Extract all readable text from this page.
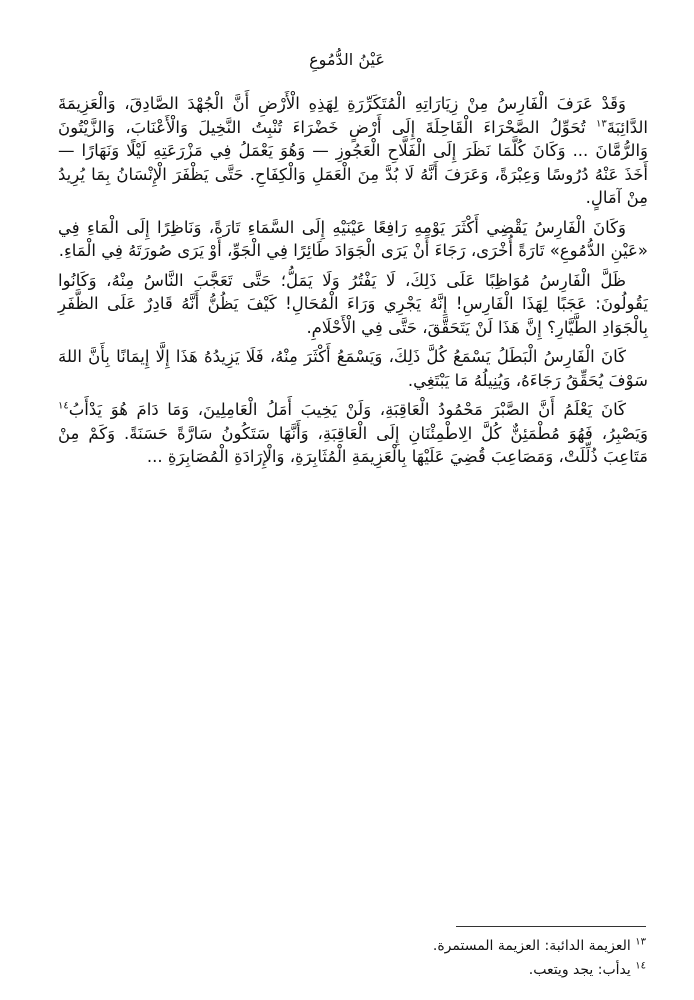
عَيْنُ الدُّمُوعِ

وَقَدْ عَرَفَ الْفَارِسُ مِنْ زِيَارَاتِهِ الْمُتَكَرِّرَةِ لِهَذِهِ الْأَرْضِ أَنَّ الْجُهْدَ الصَّادِقَ، وَالْعَزِيمَةَ الدَّائِبَةَ$^{١٣}$ تُحَوِّلُ الصَّحْرَاءَ الْقَاحِلَةَ إِلَى أَرْضٍ خَضْرَاءَ تُنْبِتُ النَّخِيلَ وَالْأَعْنَابَ، وَالزَّيْتُونَ وَالرُّمَّانَ ... وَكَانَ كُلَّمَا نَظَرَ إِلَى الْفَلَّاحِ الْعَجُوزِ — وَهُوَ يَعْمَلُ فِي مَزْرَعَتِهِ لَيْلًا وَنَهَارًا — أَخَذَ عَنْهُ دُرُوسًا وَعِبْرَةً، وَعَرَفَ أَنَّهُ لَا بُدَّ مِنَ الْعَمَلِ وَالْكِفَاحِ. حَتَّى يَظْفَرَ الْإِنْسَانُ بِمَا يُرِيدُ مِنْ آمَالٍ.

وَكَانَ الْفَارِسُ يَقْضِي أَكْثَرَ يَوْمِهِ رَافِعًا عَيْنَيْهِ إِلَى السَّمَاءِ تَارَةً، وَنَاظِرًا إِلَى الْمَاءِ فِي «عَيْنِ الدُّمُوعِ» تَارَةً أُخْرَى، رَجَاءَ أَنْ يَرَى الْجَوَادَ طَائِرًا فِي الْجَوِّ، أَوْ يَرَى صُورَتَهُ فِي الْمَاءِ.

ظَلَّ الْفَارِسُ مُوَاظِبًا عَلَى ذَلِكَ، لَا يَفْتُرُ وَلَا يَمَلُّ؛ حَتَّى تَعَجَّبَ النَّاسُ مِنْهُ، وَكَانُوا يَقُولُونَ: عَجَبًا لِهَذَا الْفَارِسِ! إِنَّهُ يَجْرِي وَرَاءَ الْمُحَالِ! كَيْفَ يَظُنُّ أَنَّهُ قَادِرٌ عَلَى الظَّفَرِ بِالْجَوَادِ الطَّيَّارِ؟ إِنَّ هَذَا لَنْ يَتَحَقَّقَ، حَتَّى فِي الْأَحْلَامِ.

كَانَ الْفَارِسُ الْبَطَلُ يَسْمَعُ كُلَّ ذَلِكَ، وَيَسْمَعُ أَكْثَرَ مِنْهُ، فَلَا يَزِيدُهُ هَذَا إِلَّا إِيمَانًا بِأَنَّ اللهَ سَوْفَ يُحَقِّقُ رَجَاءَهُ، وَيُنِيلُهُ مَا يَبْتَغِي.

كَانَ يَعْلَمُ أَنَّ الصَّبْرَ مَحْمُودُ الْعَاقِبَةِ، وَلَنْ يَخِيبَ أَمَلُ الْعَامِلِينَ، وَمَا دَامَ هُوَ يَدْأَبُ$^{١٤}$ وَيَصْبِرُ، فَهُوَ مُطْمَئِنٌّ كُلَّ الِاطْمِئْنَانِ إِلَى الْعَاقِبَةِ، وَأَنَّهَا سَتَكُونُ سَارَّةً حَسَنَةً. وَكَمْ مِنْ مَتَاعِبَ ذُلِّلَتْ، وَمَصَاعِبَ قُضِيَ عَلَيْهَا بِالْعَزِيمَةِ الْمُثَابِرَةِ، وَالْإِرَادَةِ الْمُصَابِرَةِ ...

$^{١٣}$ العزيمة الدائبة: العزيمة المستمرة.
$^{١٤}$ يدأب: يجد ويتعب.
